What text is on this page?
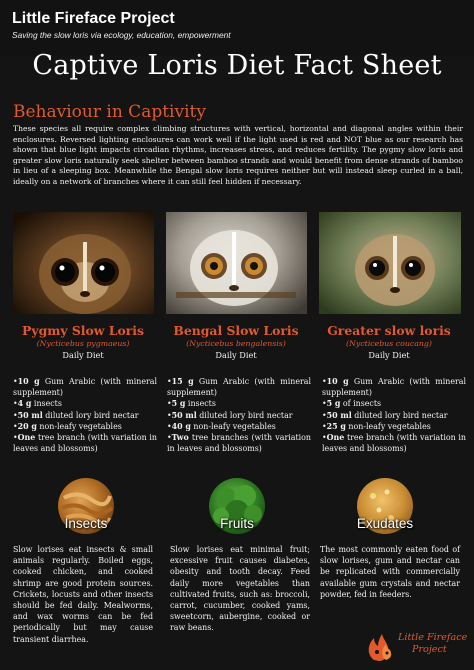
Little Fireface Project
Saving the slow loris via ecology, education, empowerment
Captive Loris Diet Fact Sheet
Behaviour in Captivity
These species all require complex climbing structures with vertical, horizontal and diagonal angles within their enclosures. Reversed lighting enclosures can work well if the light used is red and NOT blue as our research has shown that blue light impacts circadian rhythms, increases stress, and reduces fertility. The pygmy slow loris and greater slow loris naturally seek shelter between bamboo strands and would benefit from dense strands of bamboo in lieu of a sleeping box. Meanwhile the Bengal slow loris requires neither but will instead sleep curled in a ball, ideally on a network of branches where it can still feel hidden if necessary.
Pygmy Slow Loris
(Nycticebus pygmaeus)
Daily Diet
Bengal Slow Loris
(Nycticebus bengalensis)
Daily Diet
Greater slow loris
(Nycticebus coucang)
Daily Diet
•10 g Gum Arabic (with mineral supplement)
•4 g insects
•50 ml diluted lory bird nectar
•20 g non-leafy vegetables
•One tree branch (with variation in leaves and blossoms)
•15 g Gum Arabic (with mineral supplement)
•5 g insects
•50 ml diluted lory bird nectar
•40 g non-leafy vegetables
•Two tree branches (with variation in leaves and blossoms)
•10 g Gum Arabic (with mineral supplement)
•5 g of insects
•50 ml diluted lory bird nectar
•25 g non-leafy vegetables
•One tree branch (with variation in leaves and blossoms)
Insects	Fruits	Exudates
Slow lorises eat insects & small animals regularly. Boiled eggs, cooked chicken, and cooked shrimp are good protein sources. Crickets, locusts and other insects should be fed daily. Mealworms, and wax worms can be fed periodically but may cause transient diarrhea.
Slow lorises eat minimal fruit; excessive fruit causes diabetes, obesity and tooth decay. Feed daily more vegetables than cultivated fruits, such as: broccoli, carrot, cucumber, cooked yams, sweetcorn, aubergine, cooked or raw beans.
The most commonly eaten food of slow lorises, gum and nectar can be replicated with commercially available gum crystals and nectar powder, fed in feeders.
Little Fireface
Project
